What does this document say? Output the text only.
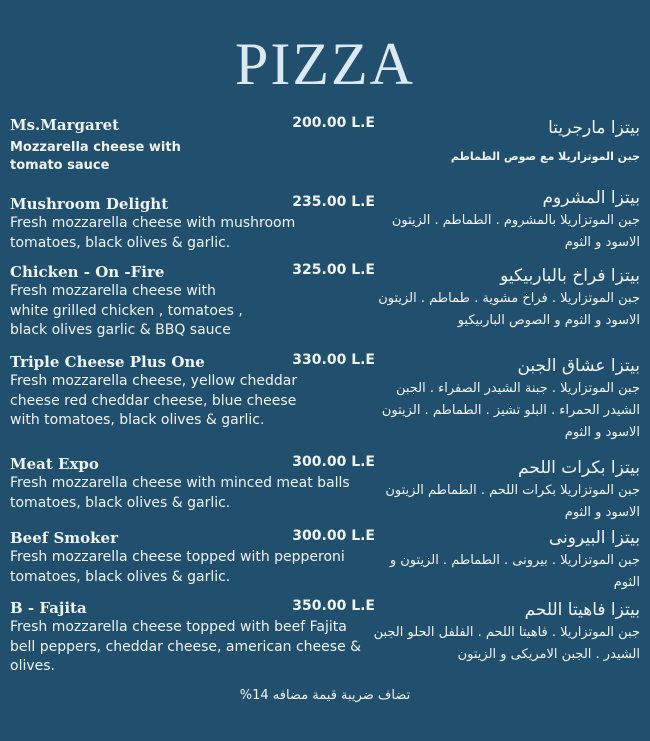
PIZZA
Ms.Margaret	200.00 L.E
Mozzarella cheese with tomato sauce
بيتزا مارجريتا
جبن الموتزاريلا مع صوص الطماطم
Mushroom Delight	235.00 L.E
Fresh mozzarella cheese with mushroom tomatoes, black olives & garlic.
بيتزا المشروم
جبن الموتزاريلا بالمشروم . الطماطم . الزيتون الاسود و الثوم
Chicken - On -Fire	325.00 L.E
Fresh mozzarella cheese with white grilled chicken , tomatoes , black olives garlic & BBQ sauce
بيتزا فراخ بالباربيكيو
جبن الموتزاريلا . فراخ مشوية . طماطم . الزيتون الاسود و الثوم و الصوص الباربيكيو
Triple Cheese Plus One	330.00 L.E
Fresh mozzarella cheese, yellow cheddar cheese red cheddar cheese, blue cheese with tomatoes, black olives & garlic.
بيتزا عشاق الجبن
جبن الموتزاريلا . جبنة الشيدر الصفراء . الجبن الشيدر الحمراء . البلو تشيز . الطماطم . الزيتون الاسود و الثوم
Meat Expo	300.00 L.E
Fresh mozzarella cheese with minced meat balls tomatoes, black olives & garlic.
بيتزا بكرات اللحم
جبن الموتزاريلا بكرات اللحم . الطماطم الزيتون الاسود و الثوم
Beef Smoker	300.00 L.E
Fresh mozzarella cheese topped with pepperoni tomatoes, black olives & garlic.
بيتزا البيرونى
جبن الموتزاريلا . بيرونى . الطماطم . الزيتون و الثوم
B - Fajita	350.00 L.E
Fresh mozzarella cheese topped with beef Fajita bell peppers, cheddar cheese, american cheese & olives.
بيتزا فاهيتا اللحم
جبن الموتزاريلا . فاهيتا اللحم . الفلفل الحلو الجبن الشيدر . الجبن الامريكى و الزيتون
تضاف ضريبة قيمة مضافه 14%
